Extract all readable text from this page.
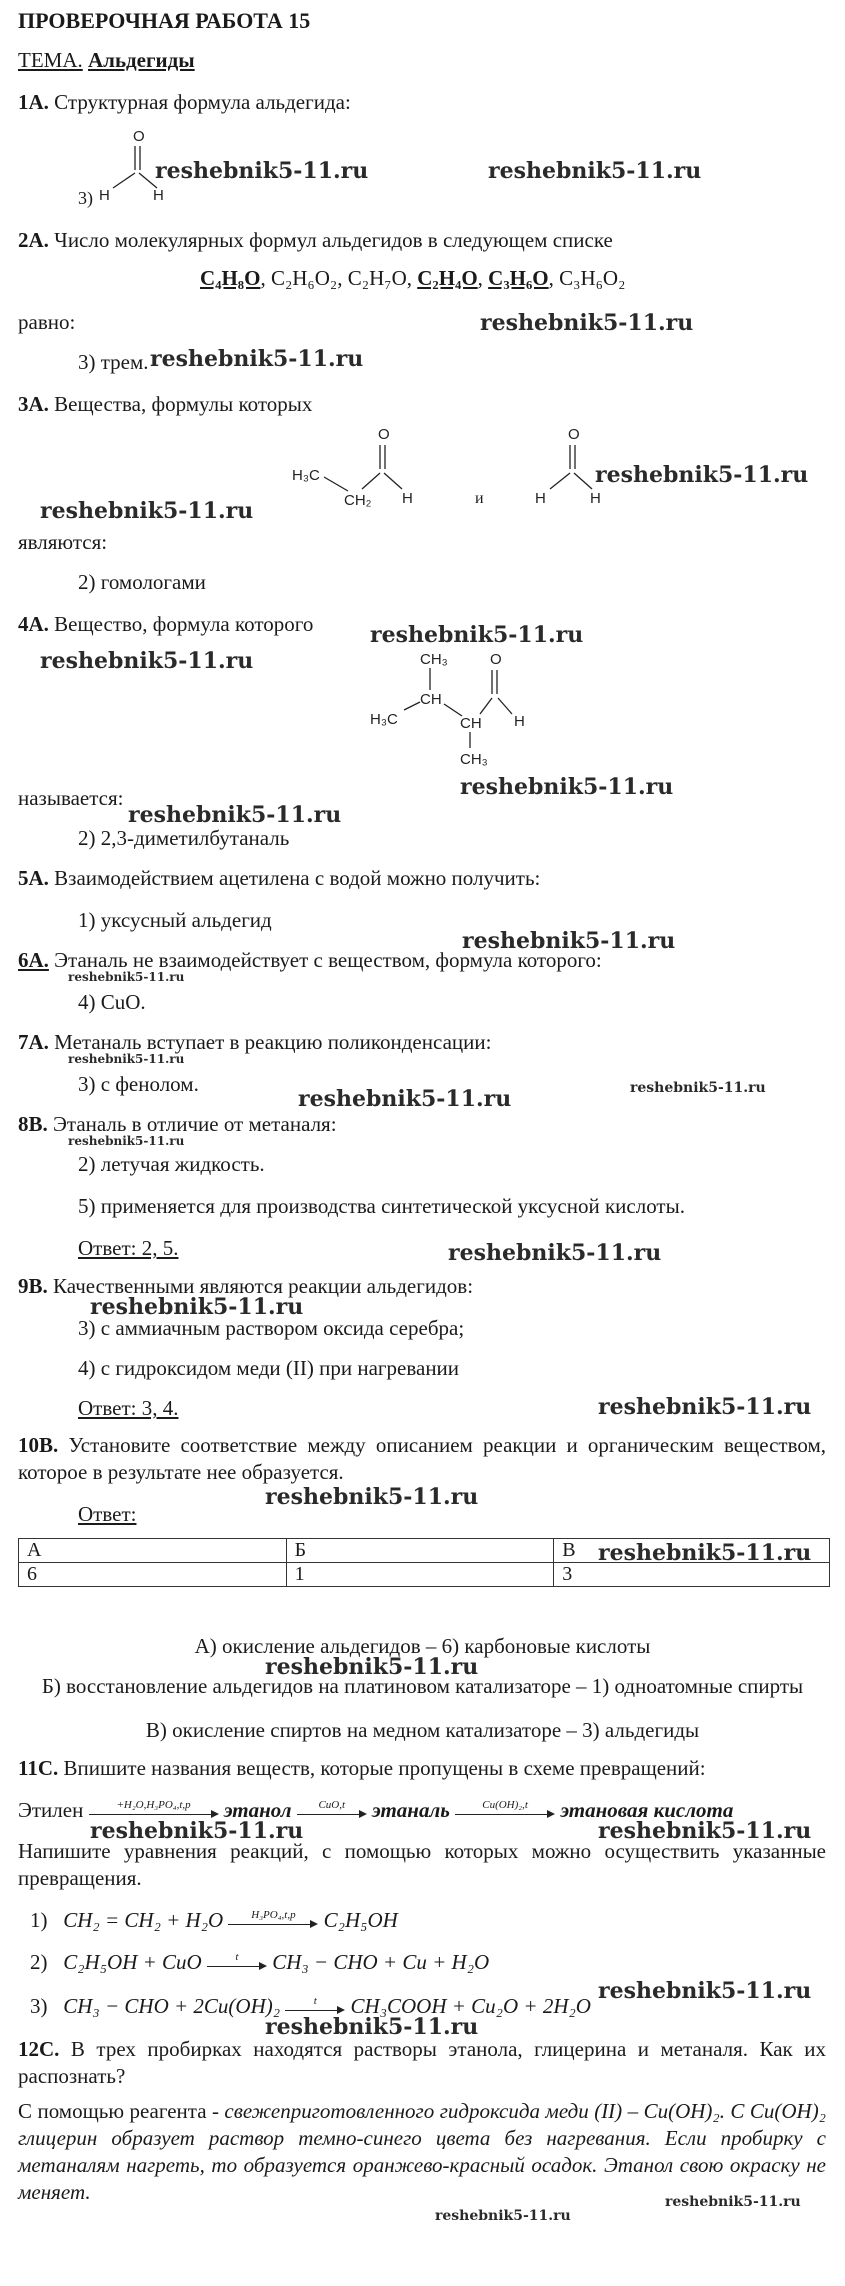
ПРОВЕРОЧНАЯ РАБОТА 15
ТЕМА. Альдегиды
1А. Структурная формула альдегида:
3)
O
H	H
reshebnik5-11.ru	reshebnik5-11.ru
2А. Число молекулярных формул альдегидов в следующем списке
C₄H₈O, C₂H₆O₂, C₂H₇O, C₂H₄O, C₃H₆O, C₃H₆O₂
равно:	reshebnik5-11.ru
3) трем. reshebnik5-11.ru
3А. Вещества, формулы которых
O
H₃C
CH₂ H	и
O
H	H
reshebnik5-11.ru
reshebnik5-11.ru
являются:
2) гомологами
4А. Вещество, формула которого	reshebnik5-11.ru
reshebnik5-11.ru	CH₃	O
CH
H₃C	CH H
CH₃
reshebnik5-11.ru
называется:
reshebnik5-11.ru
2) 2,3-диметилбутаналь
5А. Взаимодействием ацетилена с водой можно получить:
1) уксусный альдегид
reshebnik5-11.ru
6А. Этаналь не взаимодействует с веществом, формула которого:
reshebnik5-11.ru
4) CuO.
7А. Метаналь вступает в реакцию поликонденсации:
reshebnik5-11.ru
3) с фенолом.
reshebnik5-11.ru	reshebnik5-11.ru
8В. Этаналь в отличие от метаналя:
reshebnik5-11.ru
2) летучая жидкость.
5) применяется для производства синтетической уксусной кислоты.
Ответ: 2, 5.	reshebnik5-11.ru
9В. Качественными являются реакции альдегидов:
reshebnik5-11.ru
3) с аммиачным раствором оксида серебра;
4) с гидроксидом меди (II) при нагревании
Ответ: 3, 4.	reshebnik5-11.ru
10В. Установите соответствие между описанием реакции и органическим веществом, которое в результате нее образуется.
reshebnik5-11.ru
Ответ:
А	Б	В
6	1	3
reshebnik5-11.ru
А) окисление альдегидов – 6) карбоновые кислоты
reshebnik5-11.ru
Б) восстановление альдегидов на платиновом катализаторе – 1) одноатомные спирты
В) окисление спиртов на медном катализаторе – 3) альдегиды
11С. Впишите названия веществ, которые пропущены в схеме превращений:
Этилен	+H₂O,H₃PO₄,t,p	этанол	CuO,t	этаналь	Cu(OH)₂,t	этановая кислота
reshebnik5-11.ru	reshebnik5-11.ru
Напишите уравнения реакций, с помощью которых можно осуществить указанные превращения.
1) CH₂ = CH₂ + H₂O	H₃PO₄,t,p	C₂H₅OH
2) C₂H₅OH + CuO	t	CH₃ − CHO + Cu + H₂O
3) CH₃ − CHO + 2Cu(OH)₂	t	CH₃COOH + Cu₂O + 2H₂O
reshebnik5-11.ru
reshebnik5-11.ru
12С. В трех пробирках находятся растворы этанола, глицерина и метаналя. Как их распознать?
С помощью реагента - свежеприготовленного гидроксида меди (II) – Cu(OH)₂. С Cu(OH)₂ глицерин образует раствор темно-синего цвета без нагревания. Если пробирку с метаналям нагреть, то образуется оранжево-красный осадок. Этанол свою окраску не меняет.
reshebnik5-11.ru
reshebnik5-11.ru
